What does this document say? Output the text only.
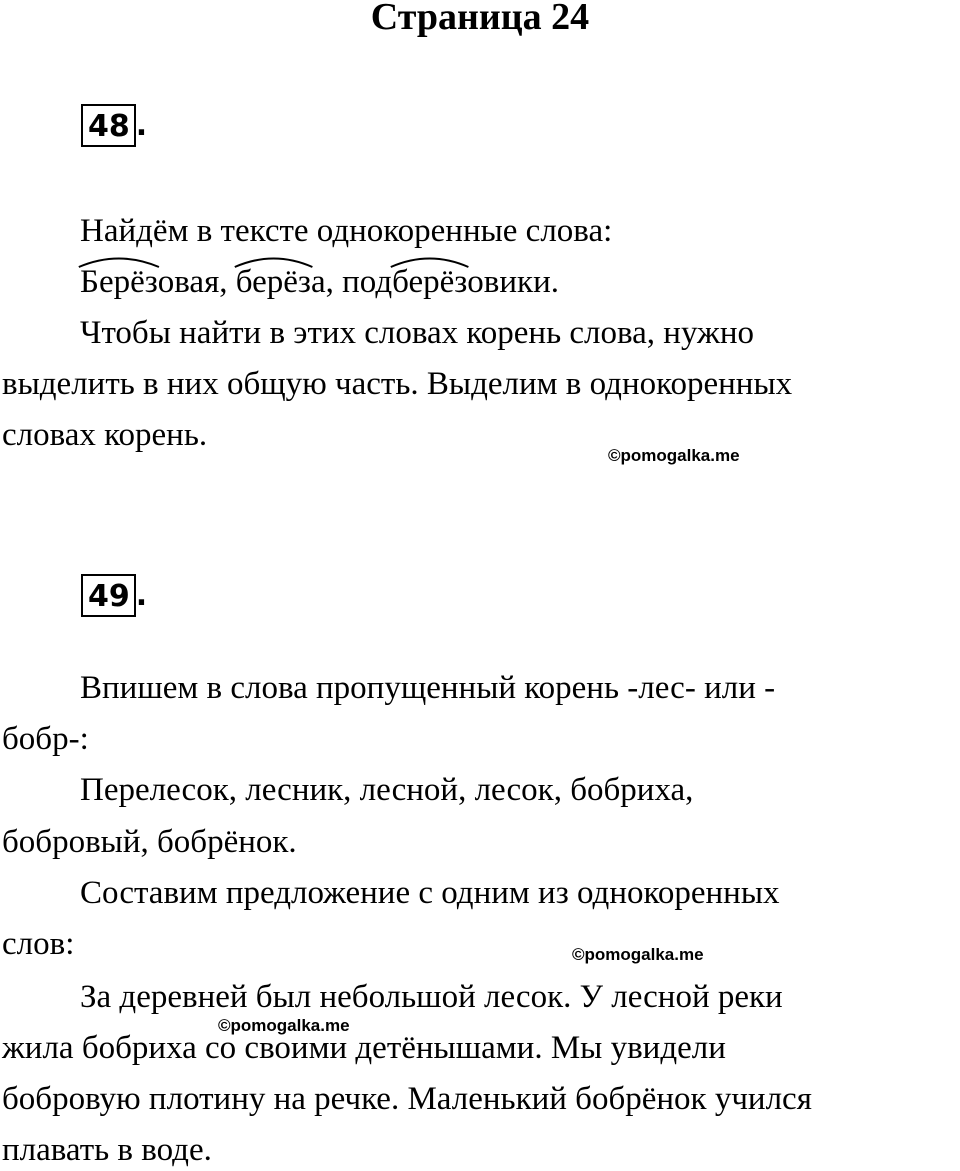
Страница 24
48 .
Найдём в тексте однокоренные слова:
Берёз
овая, берёз
а, подберёз
овики.
Чтобы найти в этих словах корень слова, нужно
выделить в них общую часть. Выделим в однокоренных
словах корень.
©pomogalka.me
49 .
Впишем в слова пропущенный корень -лес- или -
бобр-:
Перелесок, лесник, лесной, лесок, бобриха,
бобровый, бобрёнок.
Составим предложение с одним из однокоренных
слов:	©pomogalka.me
За деревней был небольшой лесок. У лесной реки
©pomogalka.me
жила бобриха со своими детёнышами. Мы увидели
бобровую плотину на речке. Маленький бобрёнок учился
плавать в воде.
